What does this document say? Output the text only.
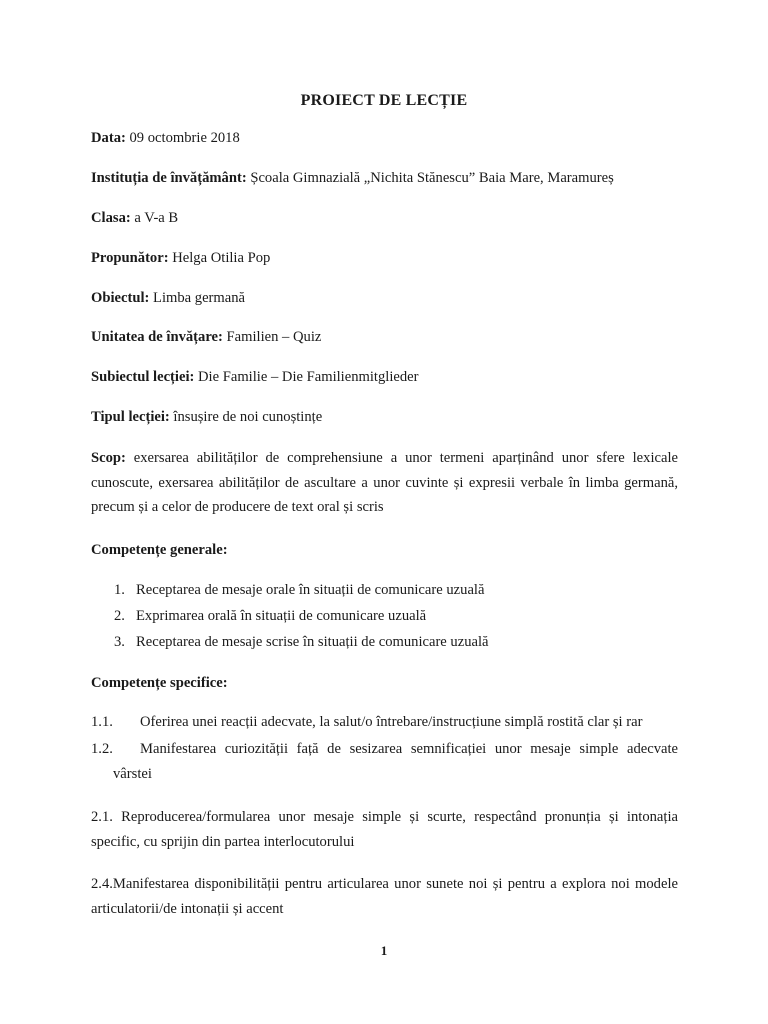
PROIECT DE LECȚIE
Data: 09 octombrie 2018
Instituția de învățământ: Școala Gimnazială „Nichita Stănescu” Baia Mare, Maramureș
Clasa: a V-a B
Propunător: Helga Otilia Pop
Obiectul: Limba germană
Unitatea de învățare: Familien – Quiz
Subiectul lecției: Die Familie – Die Familienmitglieder
Tipul lecției: însușire de noi cunoștințe
Scop: exersarea abilităților de comprehensiune a unor termeni aparținând unor sfere lexicale
cunoscute, exersarea abilităților de ascultare a unor cuvinte și expresii verbale în limba germană,
precum și a celor de producere de text oral și scris
Competențe generale:
1. Receptarea de mesaje orale în situații de comunicare uzuală
2. Exprimarea orală în situații de comunicare uzuală
3. Receptarea de mesaje scrise în situații de comunicare uzuală
Competențe specifice:
1.1. Oferirea unei reacții adecvate, la salut/o întrebare/instrucțiune simplă rostită clar și rar
1.2. Manifestarea curiozității față de sesizarea semnificației unor mesaje simple adecvate
vârstei
2.1. Reproducerea/formularea unor mesaje simple și scurte, respectând pronunția și intonația
specific, cu sprijin din partea interlocutorului
2.4.Manifestarea disponibilității pentru articularea unor sunete noi și pentru a explora noi modele
articulatorii/de intonații și accent
1
